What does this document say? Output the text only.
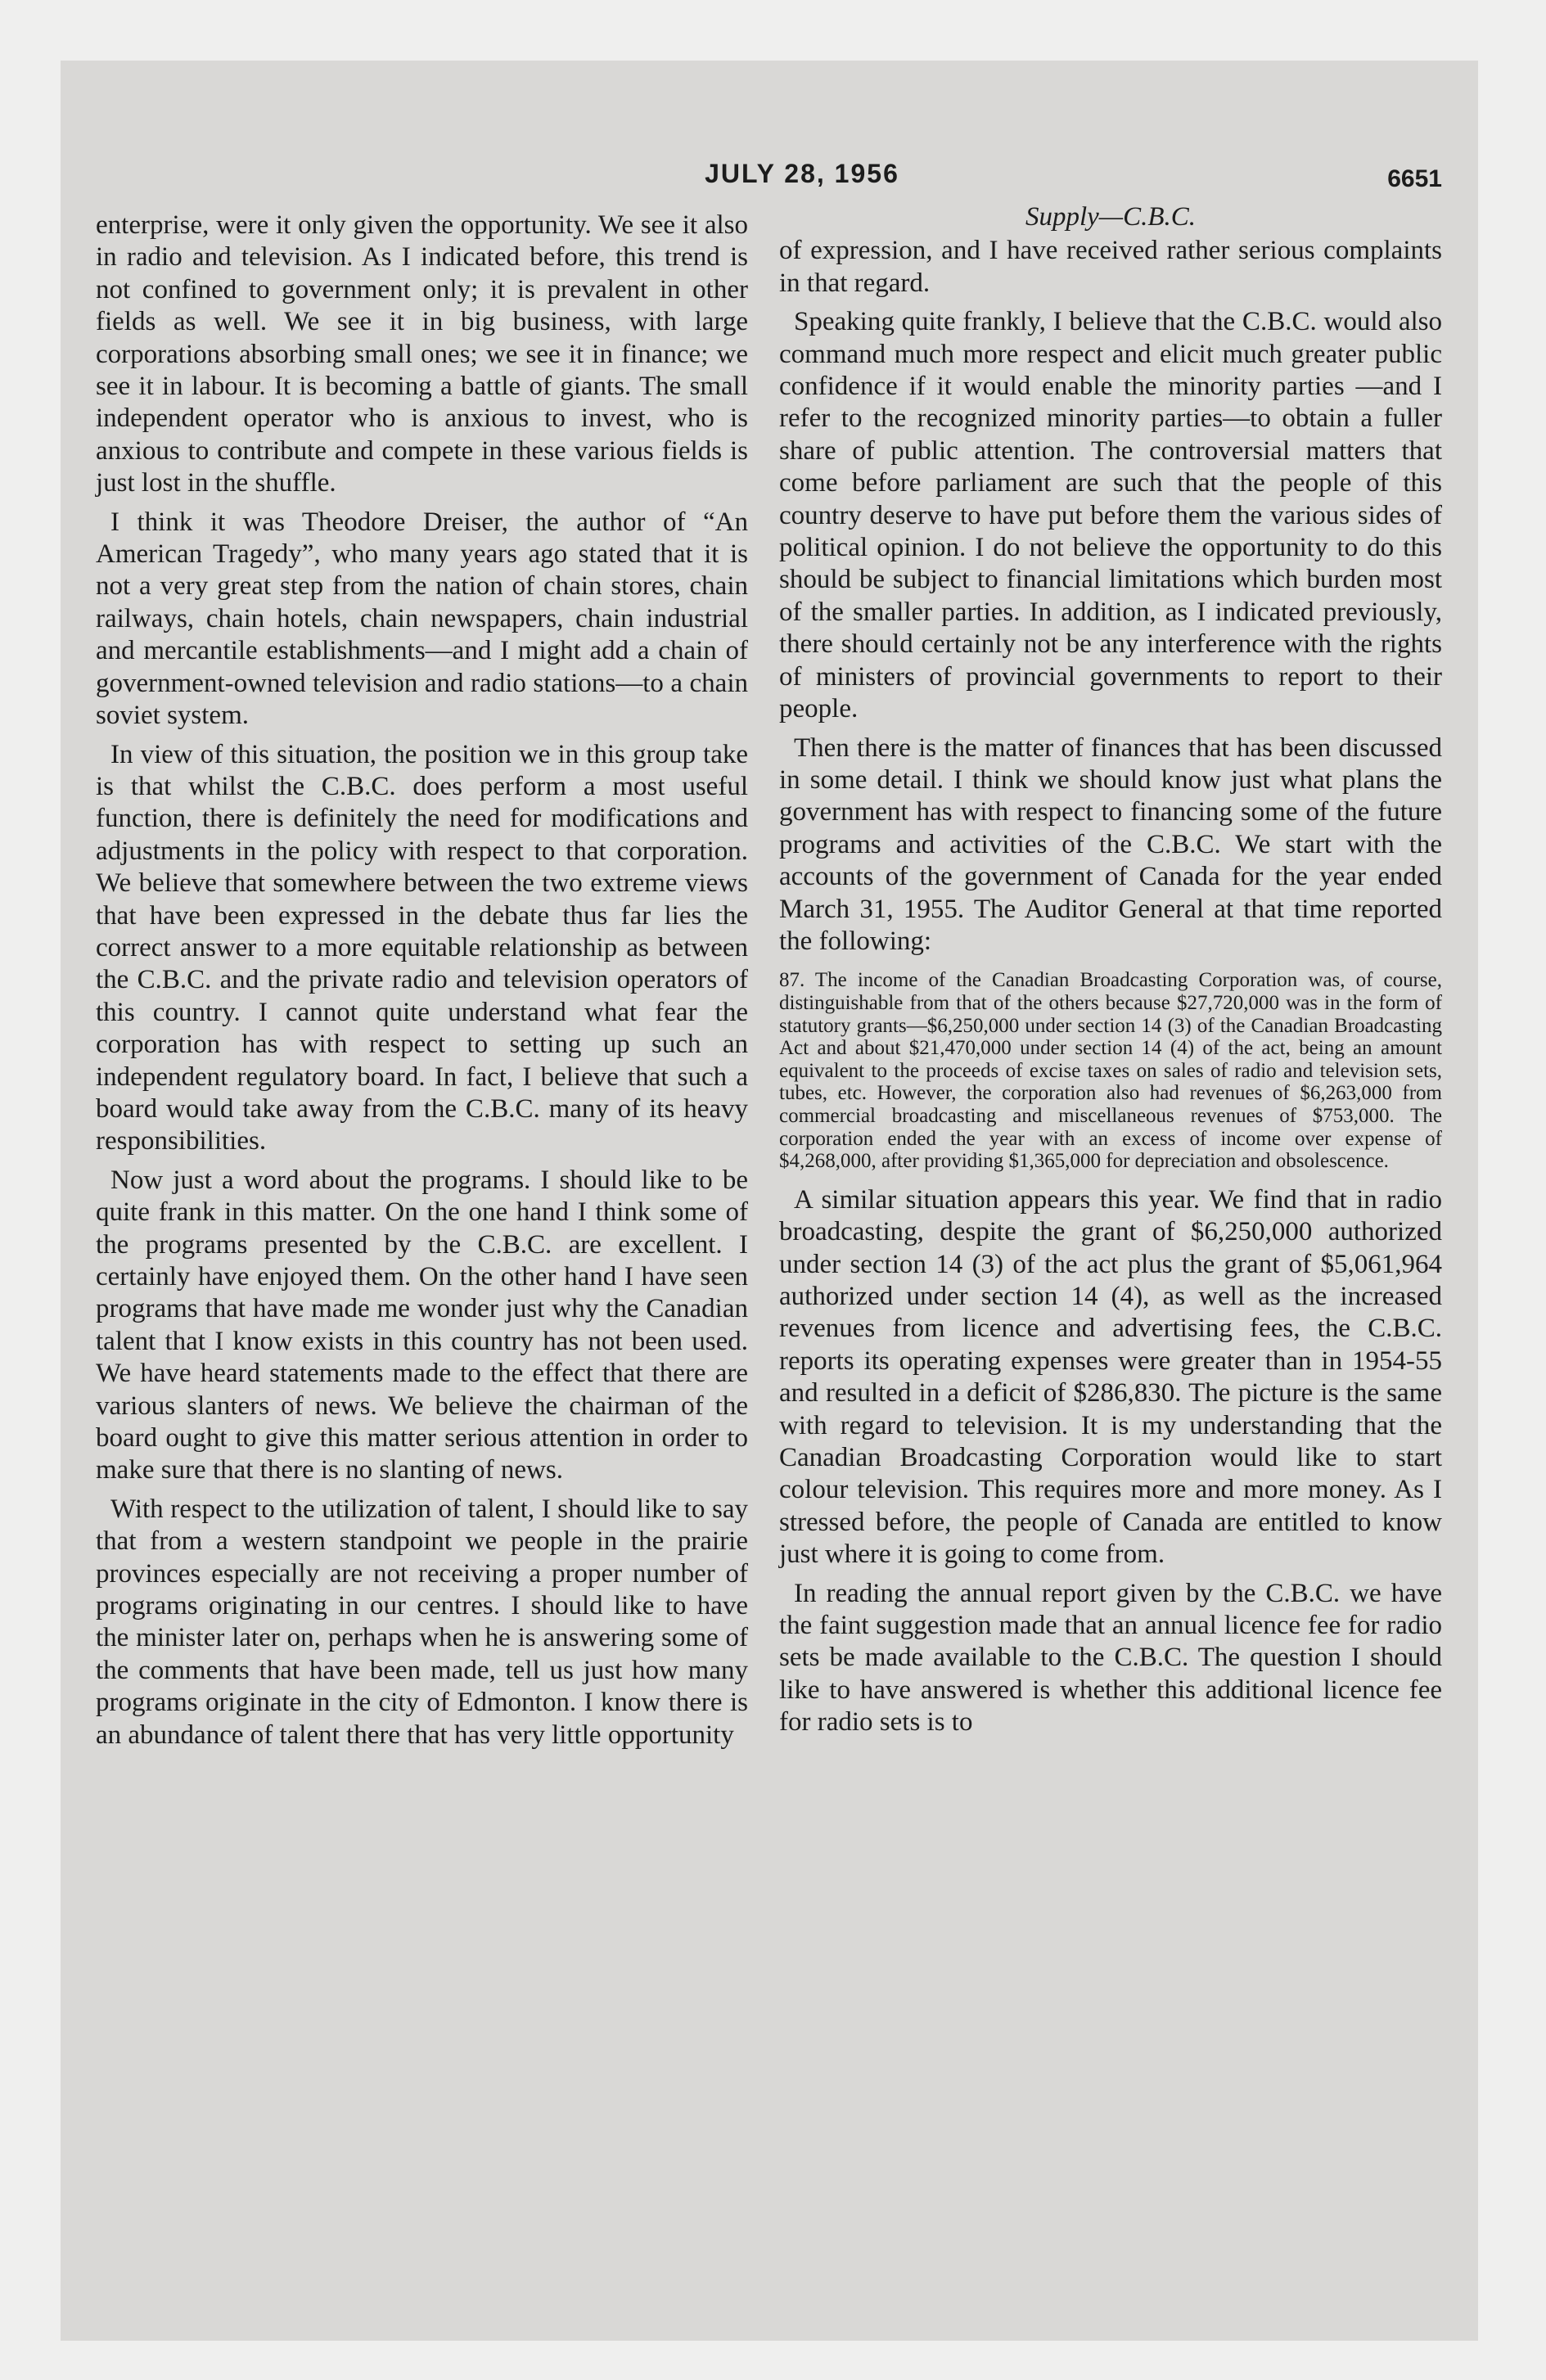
JULY 28, 1956	6651

enterprise, were it only given the opportunity. We see it also in radio and television. As I indicated before, this trend is not confined to government only; it is prevalent in other fields as well. We see it in big business, with large corporations absorbing small ones; we see it in finance; we see it in labour. It is becoming a battle of giants. The small independent operator who is anxious to invest, who is anxious to contribute and compete in these various fields is just lost in the shuffle.

I think it was Theodore Dreiser, the author of “An American Tragedy”, who many years ago stated that it is not a very great step from the nation of chain stores, chain railways, chain hotels, chain newspapers, chain industrial and mercantile establishments—and I might add a chain of government-owned television and radio stations—to a chain soviet system.

In view of this situation, the position we in this group take is that whilst the C.B.C. does perform a most useful function, there is definitely the need for modifications and adjustments in the policy with respect to that corporation. We believe that somewhere between the two extreme views that have been expressed in the debate thus far lies the correct answer to a more equitable relationship as between the C.B.C. and the private radio and television operators of this country. I cannot quite understand what fear the corporation has with respect to setting up such an independent regulatory board. In fact, I believe that such a board would take away from the C.B.C. many of its heavy responsibilities.

Now just a word about the programs. I should like to be quite frank in this matter. On the one hand I think some of the programs presented by the C.B.C. are excellent. I certainly have enjoyed them. On the other hand I have seen programs that have made me wonder just why the Canadian talent that I know exists in this country has not been used. We have heard statements made to the effect that there are various slanters of news. We believe the chairman of the board ought to give this matter serious attention in order to make sure that there is no slanting of news.

With respect to the utilization of talent, I should like to say that from a western standpoint we people in the prairie provinces especially are not receiving a proper number of programs originating in our centres. I should like to have the minister later on, perhaps when he is answering some of the comments that have been made, tell us just how many programs originate in the city of Edmonton. I know there is an abundance of talent there that has very little opportunity

Supply—C.B.C.

of expression, and I have received rather serious complaints in that regard.

Speaking quite frankly, I believe that the C.B.C. would also command much more respect and elicit much greater public confidence if it would enable the minority parties —and I refer to the recognized minority parties—to obtain a fuller share of public attention. The controversial matters that come before parliament are such that the people of this country deserve to have put before them the various sides of political opinion. I do not believe the opportunity to do this should be subject to financial limitations which burden most of the smaller parties. In addition, as I indicated previously, there should certainly not be any interference with the rights of ministers of provincial governments to report to their people.

Then there is the matter of finances that has been discussed in some detail. I think we should know just what plans the government has with respect to financing some of the future programs and activities of the C.B.C. We start with the accounts of the government of Canada for the year ended March 31, 1955. The Auditor General at that time reported the following:

87. The income of the Canadian Broadcasting Corporation was, of course, distinguishable from that of the others because $27,720,000 was in the form of statutory grants—$6,250,000 under section 14 (3) of the Canadian Broadcasting Act and about $21,470,000 under section 14 (4) of the act, being an amount equivalent to the proceeds of excise taxes on sales of radio and television sets, tubes, etc. However, the corporation also had revenues of $6,263,000 from commercial broadcasting and miscellaneous revenues of $753,000. The corporation ended the year with an excess of income over expense of $4,268,000, after providing $1,365,000 for depreciation and obsolescence.

A similar situation appears this year. We find that in radio broadcasting, despite the grant of $6,250,000 authorized under section 14 (3) of the act plus the grant of $5,061,964 authorized under section 14 (4), as well as the increased revenues from licence and advertising fees, the C.B.C. reports its operating expenses were greater than in 1954-55 and resulted in a deficit of $286,830. The picture is the same with regard to television. It is my understanding that the Canadian Broadcasting Corporation would like to start colour television. This requires more and more money. As I stressed before, the people of Canada are entitled to know just where it is going to come from.

In reading the annual report given by the C.B.C. we have the faint suggestion made that an annual licence fee for radio sets be made available to the C.B.C. The question I should like to have answered is whether this additional licence fee for radio sets is to
